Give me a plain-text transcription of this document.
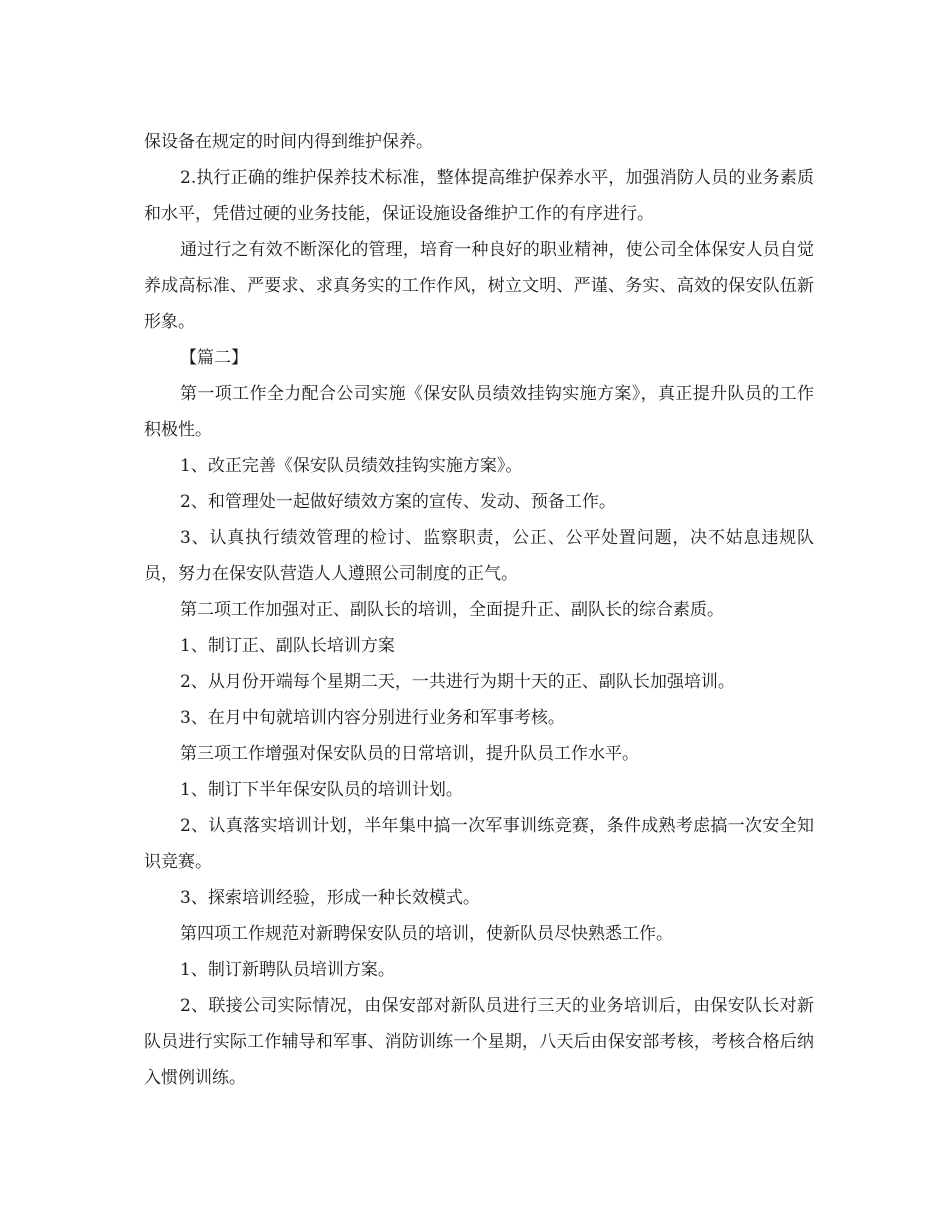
保设备在规定的时间内得到维护保养。

2.执行正确的维护保养技术标准，整体提高维护保养水平，加强消防人员的业务素质和水平，凭借过硬的业务技能，保证设施设备维护工作的有序进行。

通过行之有效不断深化的管理，培育一种良好的职业精神，使公司全体保安人员自觉养成高标准、严要求、求真务实的工作作风，树立文明、严谨、务实、高效的保安队伍新形象。

【篇二】

第一项工作全力配合公司实施《保安队员绩效挂钩实施方案》，真正提升队员的工作积极性。

1、改正完善《保安队员绩效挂钩实施方案》。

2、和管理处一起做好绩效方案的宣传、发动、预备工作。

3、认真执行绩效管理的检讨、监察职责，公正、公平处置问题，决不姑息违规队员，努力在保安队营造人人遵照公司制度的正气。

第二项工作加强对正、副队长的培训，全面提升正、副队长的综合素质。

1、制订正、副队长培训方案

2、从月份开端每个星期二天，一共进行为期十天的正、副队长加强培训。

3、在月中旬就培训内容分别进行业务和军事考核。

第三项工作增强对保安队员的日常培训，提升队员工作水平。

1、制订下半年保安队员的培训计划。

2、认真落实培训计划，半年集中搞一次军事训练竞赛，条件成熟考虑搞一次安全知识竞赛。

3、探索培训经验，形成一种长效模式。

第四项工作规范对新聘保安队员的培训，使新队员尽快熟悉工作。

1、制订新聘队员培训方案。

2、联接公司实际情况，由保安部对新队员进行三天的业务培训后，由保安队长对新队员进行实际工作辅导和军事、消防训练一个星期，八天后由保安部考核，考核合格后纳入惯例训练。
